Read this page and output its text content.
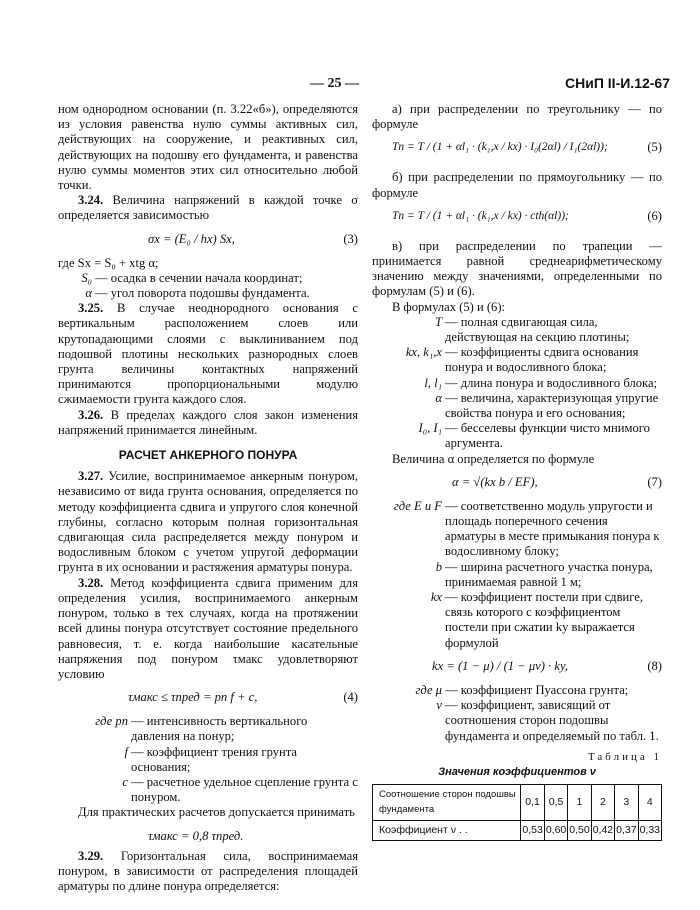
— 25 —	СНиП II-И.12-67

ном однородном основании (п. 3.22«б»), определяются из условия равенства нулю суммы активных сил, действующих на сооружение, и реактивных сил, действующих на подошву его фундамента, и равенства нулю суммы моментов этих сил относительно любой точки.

3.24. Величина напряжений в каждой точке σ определяется зависимостью

σx = (E₀ / hx) Sx,	(3)

где Sx = S₀ + xtg α;

S₀ — осадка в сечении начала координат;
α — угол поворота подошвы фундамента.

3.25. В случае неоднородного основания с вертикальным расположением слоев или крутопадающими слоями с выклиниванием под подошвой плотины нескольких разнородных слоев грунта величины контактных напряжений принимаются пропорциональными модулю сжимаемости грунта каждого слоя.

3.26. В пределах каждого слоя закон изменения напряжений принимается линейным.

РАСЧЕТ АНКЕРНОГО ПОНУРА

3.27. Усилие, воспринимаемое анкерным понуром, независимо от вида грунта основания, определяется по методу коэффициента сдвига и упругого слоя конечной глубины, согласно которым полная горизонтальная сдвигающая сила распределяется между понуром и водосливным блоком с учетом упругой деформации грунта в их основании и растяжения арматуры понура.

3.28. Метод коэффициента сдвига применим для определения усилия, воспринимаемого анкерным понуром, только в тех случаях, когда на протяжении всей длины понура отсутствует состояние предельного равновесия, т. е. когда наибольшие касательные напряжения под понуром τмакс удовлетворяют условию

τмакс ≤ τпред = pп f + c,	(4)
где pп — интенсивность вертикального давления на понур;
f — коэффициент трения грунта основания;
c — расчетное удельное сцепление грунта с понуром.

Для практических расчетов допускается принимать

τмакс = 0,8 τпред.

3.29. Горизонтальная сила, воспринимаемая понуром, в зависимости от распределения площадей арматуры по длине понура определяется:

а) при распределении по треугольнику — по формуле

Tп = T / (1 + αl₁ · (k₁,x / kx) · I₀(2αl) / I₁(2αl));	(5)

б) при распределении по прямоугольнику — по формуле

Tп = T / (1 + αl₁ · (k₁,x / kx) · cth(αl));	(6)

в) при распределении по трапеции — принимается равной среднеарифметическому значению между значениями, определенными по формулам (5) и (6).

В формулах (5) и (6):

T — полная сдвигающая сила, действующая на секцию плотины;
kx, k₁,x — коэффициенты сдвига основания понура и водосливного блока;
l, l₁ — длина понура и водосливного блока;
α — величина, характеризующая упругие свойства понура и его основания;
I₀, I₁ — бесселевы функции чисто мнимого аргумента.

Величина α определяется по формуле

α = √(kx b / EF),	(7)
где E и F — соответственно модуль упругости и площадь поперечного сечения арматуры в месте примыкания понура к водосливному блоку;
b — ширина расчетного участка понура, принимаемая равной 1 м;
kx — коэффициент постели при сдвиге, связь которого с коэффициентом постели при сжатии ky выражается формулой
kx = (1 − μ) / (1 − μν) · ky,	(8)
где μ — коэффициент Пуассона грунта;
ν — коэффициент, зависящий от соотношения сторон подошвы фундамента и определяемый по табл. 1.
Таблица 1
Значения коэффициентов ν
Соотношение сторон подошвы фундамента	0,1	0,5	1	2	3	4
Коэффициент ν . .	0,53	0,60	0,50	0,42	0,37	0,33
